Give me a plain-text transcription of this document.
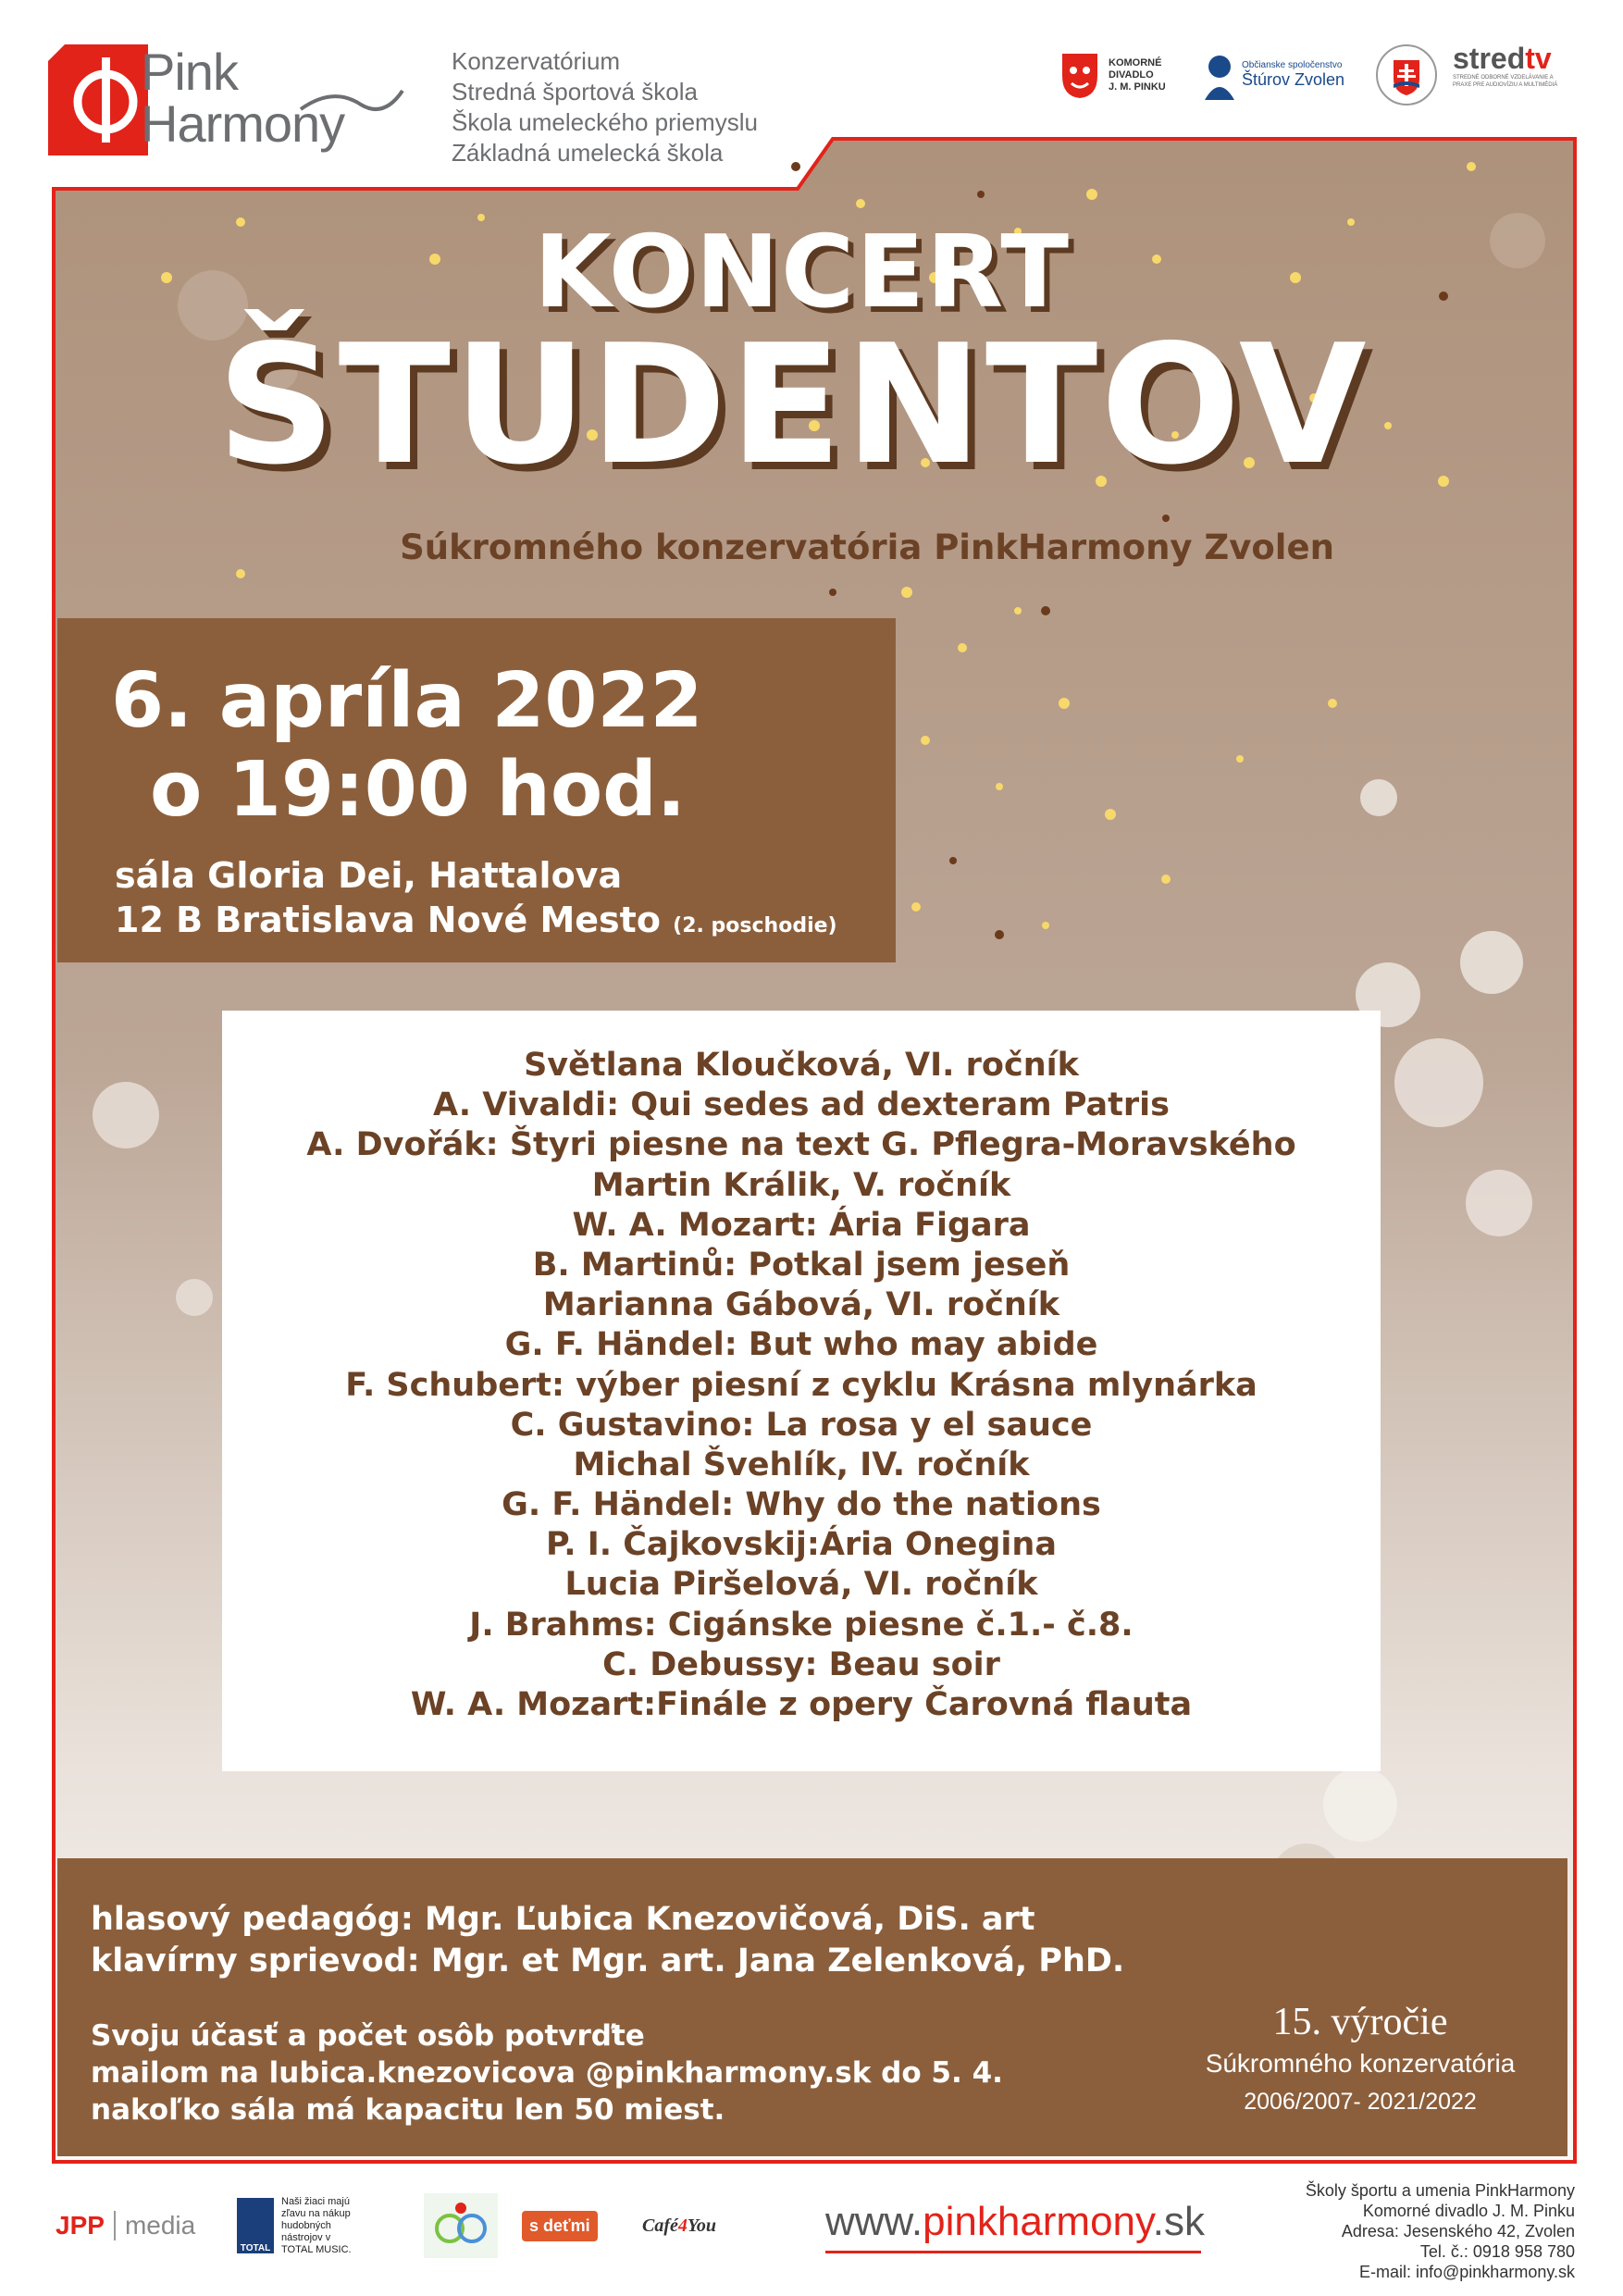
Pink
Harmony
Konzervatórium
Stredná športová škola
Škola umeleckého priemyslu
Základná umelecká škola
KOMORNÉ
DIVADLO
J. M. PINKU
Občianske spoločenstvo
Štúrov Zvolen
stredtv
STREDNÉ ODBORNÉ VZDELÁVANIE A PRAXE PRE AUDIOVÍZIU A MULTIMÉDIÁ
KONCERT
ŠTUDENTOV
Súkromného konzervatória PinkHarmony Zvolen
6. apríla 2022
o 19:00 hod.
sála Gloria Dei, Hattalova
12 B Bratislava Nové Mesto (2. poschodie)
Světlana Kloučková, VI. ročník
A. Vivaldi: Qui sedes ad dexteram Patris
A. Dvořák: Štyri piesne na text G. Pflegra-Moravského
Martin Králik, V. ročník
W. A. Mozart: Ária Figara
B. Martinů: Potkal jsem jeseň
Marianna Gábová, VI. ročník
G. F. Händel: But who may abide
F. Schubert: výber piesní z cyklu Krásna mlynárka
C. Gustavino: La rosa y el sauce
Michal Švehlík, IV. ročník
G. F. Händel: Why do the nations
P. I. Čajkovskij:Ária Onegina
Lucia Piršelová, VI. ročník
J. Brahms: Cigánske piesne č.1.- č.8.
C. Debussy: Beau soir
W. A. Mozart:Finále z opery Čarovná flauta
hlasový pedagóg: Mgr. Ľubica Knezovičová, DiS. art
klavírny sprievod: Mgr. et Mgr. art. Jana Zelenková, PhD.
Svoju účasť a počet osôb potvrďte
mailom na lubica.knezovicova @pinkharmony.sk do 5. 4.
nakoľko sála má kapacitu len 50 miest.
15. výročie
Súkromného konzervatória
2006/2007- 2021/2022
JPP media
TOTAL
Naši žiaci majú zľavu na nákup hudobných nástrojov v TOTAL MUSIC.
s deťmi	Café4You	www.pinkharmony.sk
Školy športu a umenia PinkHarmony
Komorné divadlo J. M. Pinku
Adresa: Jesenského 42, Zvolen
Tel. č.: 0918 958 780
E-mail: info@pinkharmony.sk
